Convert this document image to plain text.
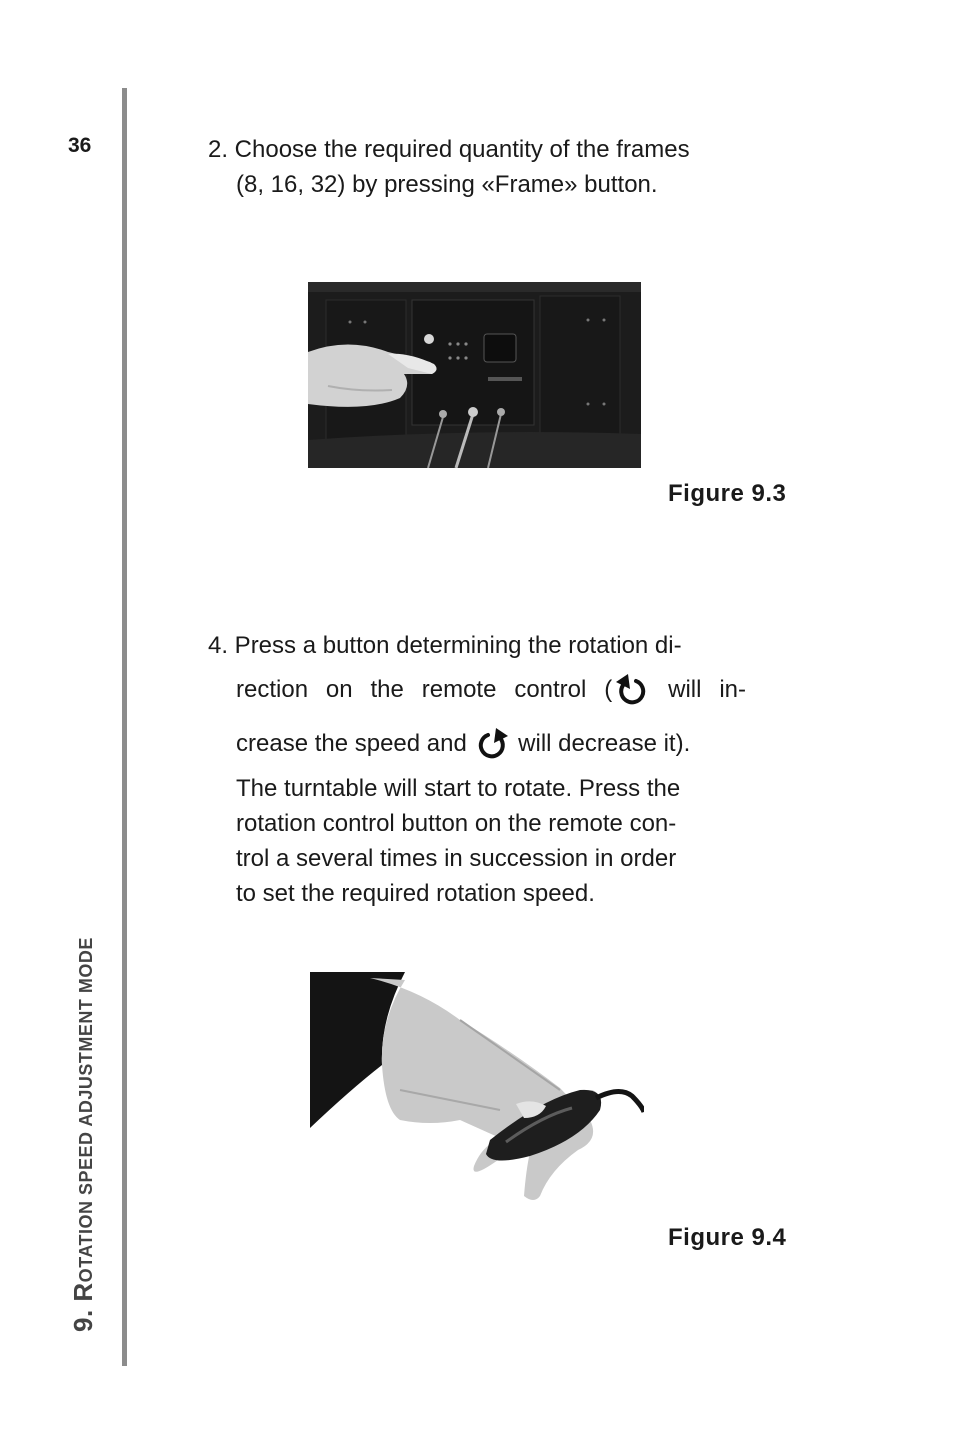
36
9. ROTATION SPEED ADJUSTMENT MODE
2. Choose the required quantity of the frames
(8, 16, 32) by pressing «Frame» button.
Figure 9.3
4. Press a button determining the rotation di-
rection on the remote control ( will in-
crease the speed and  will decrease it).
The turntable will start to rotate. Press the
rotation control button on the remote con-
trol a several times in succession in order
to set the required rotation speed.
Figure 9.4
